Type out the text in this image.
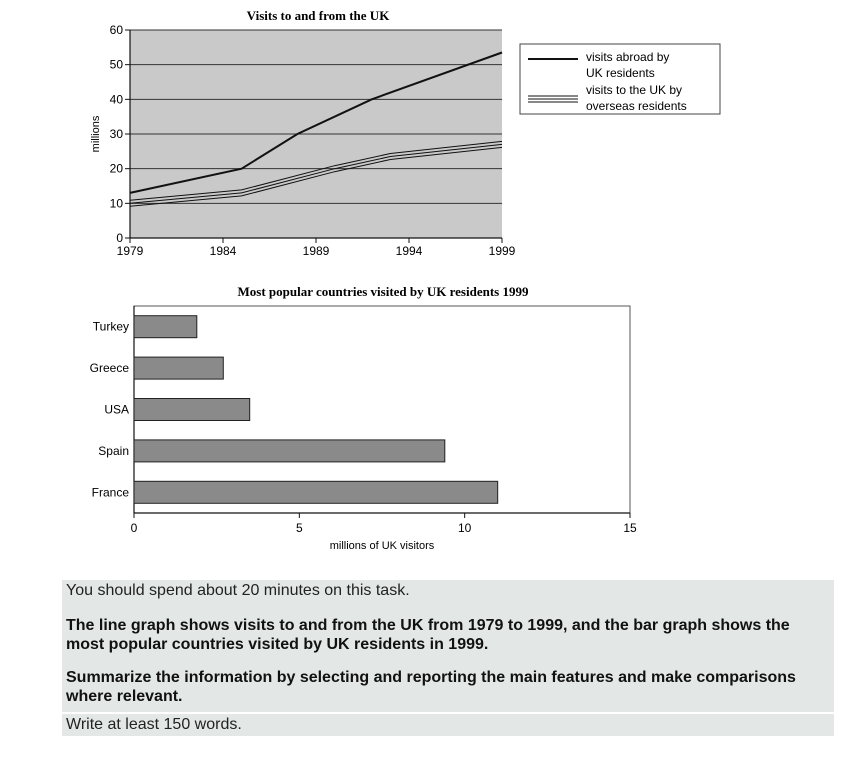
Visits to and from the UK
0
10
20
30
40
50
60
1979	1984	1989	1994	1999
millions
visits abroad by
UK residents
visits to the UK by
overseas residents
Most popular countries visited by UK residents 1999
0	5	10	15
Turkey
Greece
USA
Spain
France
millions of UK visitors

You should spend about 20 minutes on this task.

The line graph shows visits to and from the UK from 1979 to 1999, and the bar graph shows the most popular countries visited by UK residents in 1999.

Summarize the information by selecting and reporting the main features and make comparisons where relevant.

Write at least 150 words.
